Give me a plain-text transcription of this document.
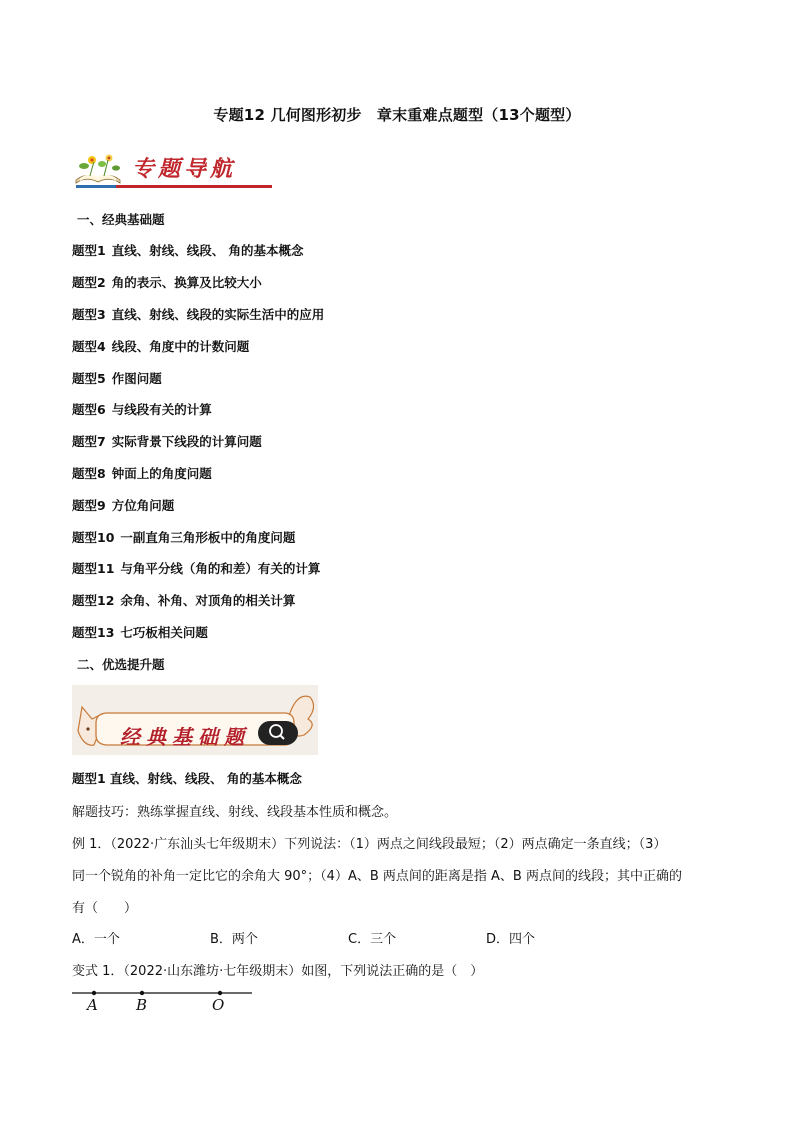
专题12 几何图形初步　章末重难点题型（13个题型）
专题导航
一、经典基础题
题型1 直线、射线、线段、 角的基本概念
题型2 角的表示、换算及比较大小
题型3 直线、射线、线段的实际生活中的应用
题型4 线段、角度中的计数问题
题型5 作图问题
题型6 与线段有关的计算
题型7 实际背景下线段的计算问题
题型8 钟面上的角度问题
题型9 方位角问题
题型10 一副直角三角形板中的角度问题
题型11 与角平分线（角的和差）有关的计算
题型12 余角、补角、对顶角的相关计算
题型13 七巧板相关问题
二、优选提升题
经典基础题
题型1 直线、射线、线段、 角的基本概念
解题技巧：熟练掌握直线、射线、线段基本性质和概念。
例 1．（2022·广东汕头七年级期末）下列说法：（1）两点之间线段最短；（2）两点确定一条直线；（3）
同一个锐角的补角一定比它的余角大 90°；（4）A、B 两点间的距离是指 A、B 两点间的线段；其中正确的
有（　　）
A．一个	B．两个	C．三个	D．四个
变式 1．（2022·山东潍坊·七年级期末）如图，下列说法正确的是（　）
A	B	O
